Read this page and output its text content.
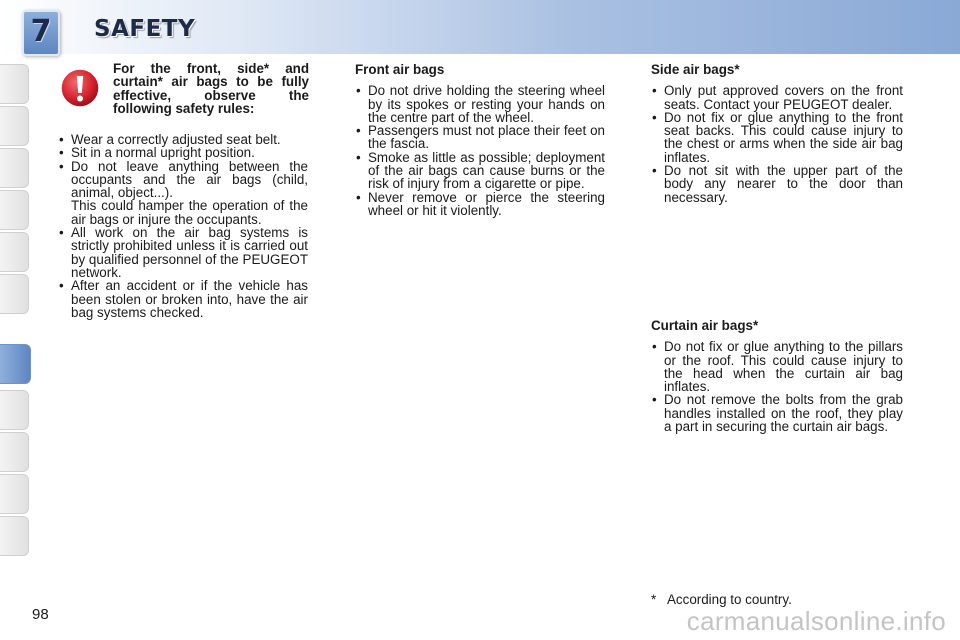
7 SAFETY
For the front, side* and curtain* air bags to be fully effective, observe the following safety rules:
• Wear a correctly adjusted seat belt.
• Sit in a normal upright position.
• Do not leave anything between the occupants and the air bags (child, animal, object...).
This could hamper the operation of the air bags or injure the occupants.
• All work on the air bag systems is strictly prohibited unless it is carried out by qualified personnel of the PEUGEOT network.
• After an accident or if the vehicle has been stolen or broken into, have the air bag systems checked.
Front air bags
• Do not drive holding the steering wheel by its spokes or resting your hands on the centre part of the wheel.
• Passengers must not place their feet on the fascia.
• Smoke as little as possible; deployment of the air bags can cause burns or the risk of injury from a cigarette or pipe.
• Never remove or pierce the steering wheel or hit it violently.
Side air bags*
• Only put approved covers on the front seats. Contact your PEUGEOT dealer.
• Do not fix or glue anything to the front seat backs. This could cause injury to the chest or arms when the side air bag inflates.
• Do not sit with the upper part of the body any nearer to the door than necessary.
Curtain air bags*
• Do not fix or glue anything to the pillars or the roof. This could cause injury to the head when the curtain air bag inflates.
• Do not remove the bolts from the grab handles installed on the roof, they play a part in securing the curtain air bags.
* According to country.
98	carmanualsonline.info
